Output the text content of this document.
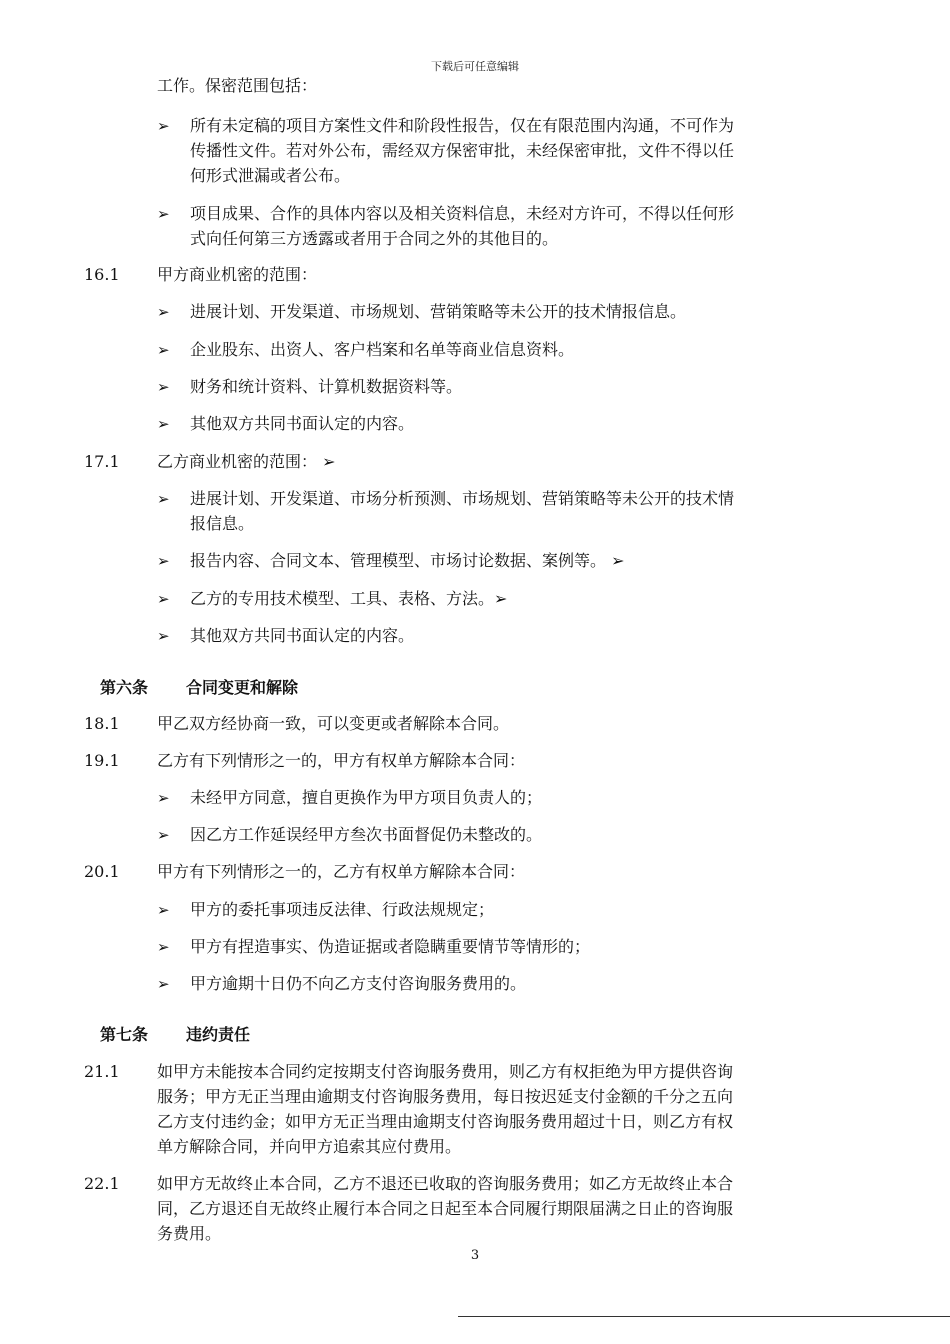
下载后可任意编辑
工作。保密范围包括：
➢ 所有未定稿的项目方案性文件和阶段性报告，仅在有限范围内沟通，不可作为
传播性文件。若对外公布，需经双方保密审批，未经保密审批，文件不得以任
何形式泄漏或者公布。
➢ 项目成果、合作的具体内容以及相关资料信息，未经对方许可，不得以任何形
式向任何第三方透露或者用于合同之外的其他目的。
16.1 甲方商业机密的范围：
➢ 进展计划、开发渠道、市场规划、营销策略等未公开的技术情报信息。
➢ 企业股东、出资人、客户档案和名单等商业信息资料。
➢ 财务和统计资料、计算机数据资料等。
➢ 其他双方共同书面认定的内容。
17.1 乙方商业机密的范围： ➢
➢ 进展计划、开发渠道、市场分析预测、市场规划、营销策略等未公开的技术情
报信息。
➢ 报告内容、合同文本、管理模型、市场讨论数据、案例等。 ➢
➢ 乙方的专用技术模型、工具、表格、方法。➢
➢ 其他双方共同书面认定的内容。
第六条 合同变更和解除
18.1 甲乙双方经协商一致，可以变更或者解除本合同。
19.1 乙方有下列情形之一的，甲方有权单方解除本合同：
➢ 未经甲方同意，擅自更换作为甲方项目负责人的；
➢ 因乙方工作延误经甲方叁次书面督促仍未整改的。
20.1 甲方有下列情形之一的，乙方有权单方解除本合同：
➢ 甲方的委托事项违反法律、行政法规规定；
➢ 甲方有捏造事实、伪造证据或者隐瞒重要情节等情形的；
➢ 甲方逾期十日仍不向乙方支付咨询服务费用的。
第七条 违约责任
21.1 如甲方未能按本合同约定按期支付咨询服务费用，则乙方有权拒绝为甲方提供咨询
服务；甲方无正当理由逾期支付咨询服务费用，每日按迟延支付金额的千分之五向
乙方支付违约金；如甲方无正当理由逾期支付咨询服务费用超过十日，则乙方有权
单方解除合同，并向甲方追索其应付费用。
22.1 如甲方无故终止本合同，乙方不退还已收取的咨询服务费用；如乙方无故终止本合
同，乙方退还自无故终止履行本合同之日起至本合同履行期限届满之日止的咨询服
务费用。
3
